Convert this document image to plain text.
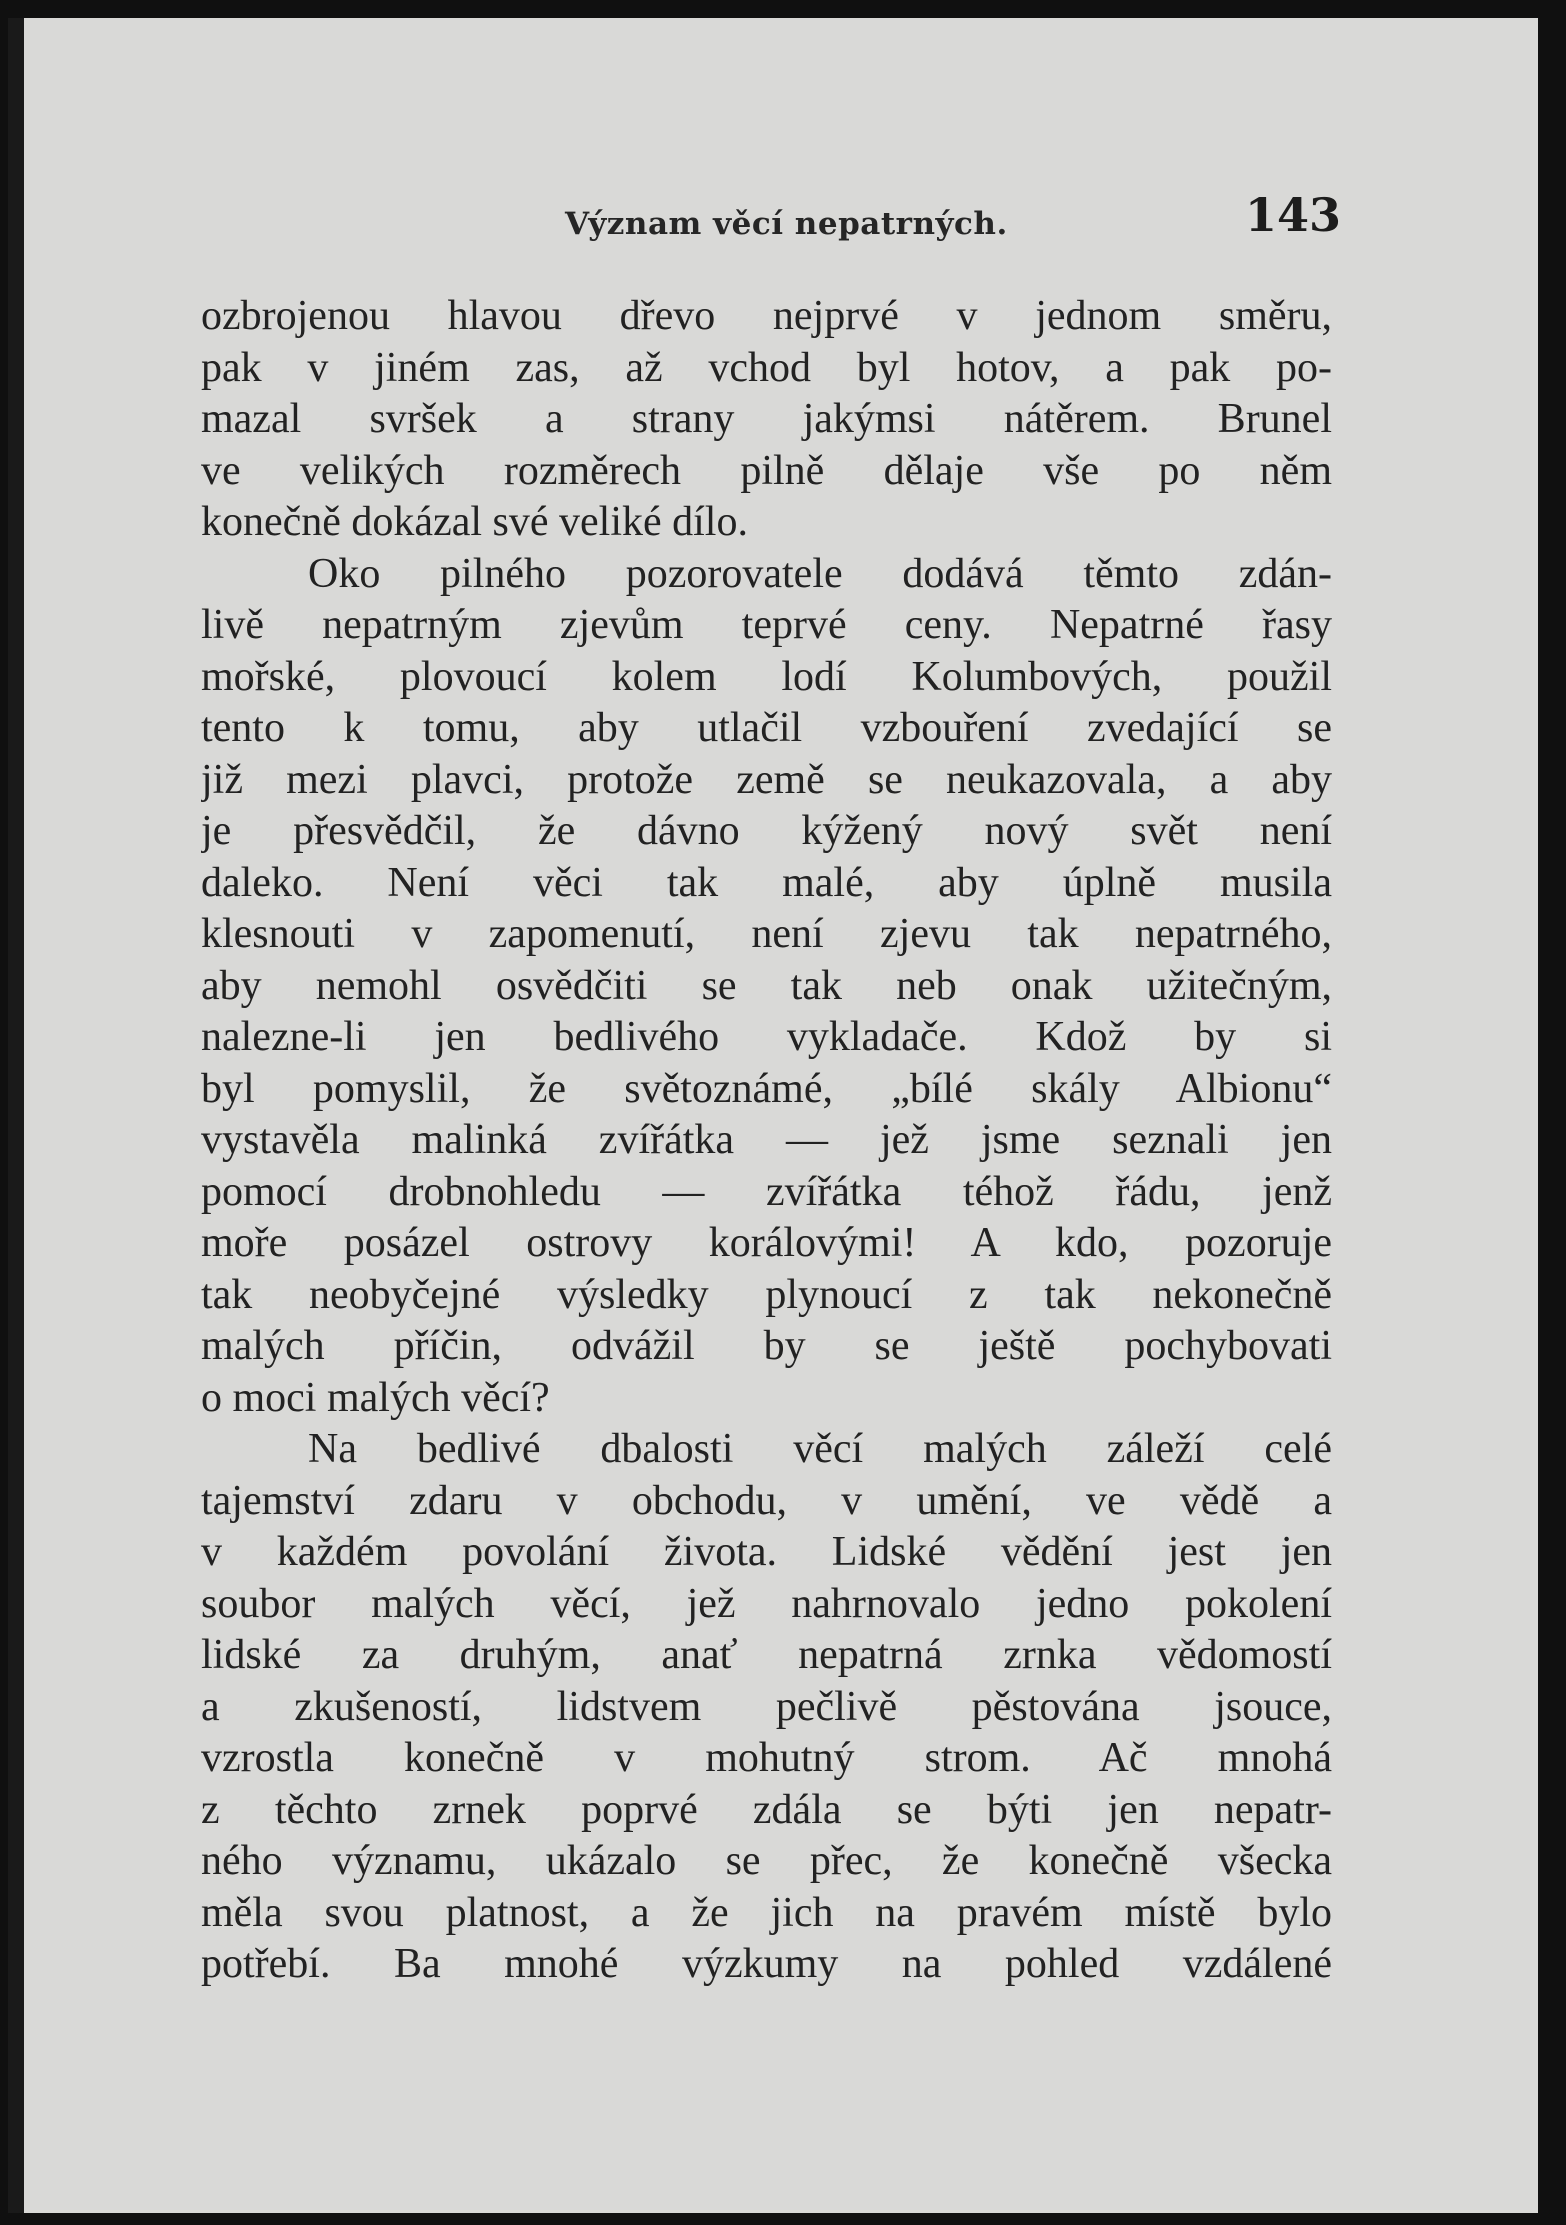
Význam věcí nepatrných.	143
ozbrojenou hlavou dřevo nejprvé v jednom směru,
pak v jiném zas, až vchod byl hotov, a pak po-
mazal svršek a strany jakýmsi nátěrem. Brunel
ve velikých rozměrech pilně dělaje vše po něm
konečně dokázal své veliké dílo.
Oko pilného pozorovatele dodává těmto zdán-
livě nepatrným zjevům teprvé ceny. Nepatrné řasy
mořské, plovoucí kolem lodí Kolumbových, použil
tento k tomu, aby utlačil vzbouření zvedající se
již mezi plavci, protože země se neukazovala, a aby
je přesvědčil, že dávno kýžený nový svět není
daleko. Není věci tak malé, aby úplně musila
klesnouti v zapomenutí, není zjevu tak nepatrného,
aby nemohl osvědčiti se tak neb onak užitečným,
nalezne-li jen bedlivého vykladače. Kdož by si
byl pomyslil, že světoznámé, „bílé skály Albionu“
vystavěla malinká zvířátka — jež jsme seznali jen
pomocí drobnohledu — zvířátka téhož řádu, jenž
moře posázel ostrovy korálovými! A kdo, pozoruje
tak neobyčejné výsledky plynoucí z tak nekonečně
malých příčin, odvážil by se ještě pochybovati
o moci malých věcí?
Na bedlivé dbalosti věcí malých záleží celé
tajemství zdaru v obchodu, v umění, ve vědě a
v každém povolání života. Lidské vědění jest jen
soubor malých věcí, jež nahrnovalo jedno pokolení
lidské za druhým, anať nepatrná zrnka vědomostí
a zkušeností, lidstvem pečlivě pěstována jsouce,
vzrostla konečně v mohutný strom. Ač mnohá
z těchto zrnek poprvé zdála se býti jen nepatr-
ného významu, ukázalo se přec, že konečně všecka
měla svou platnost, a že jich na pravém místě bylo
potřebí. Ba mnohé výzkumy na pohled vzdálené
